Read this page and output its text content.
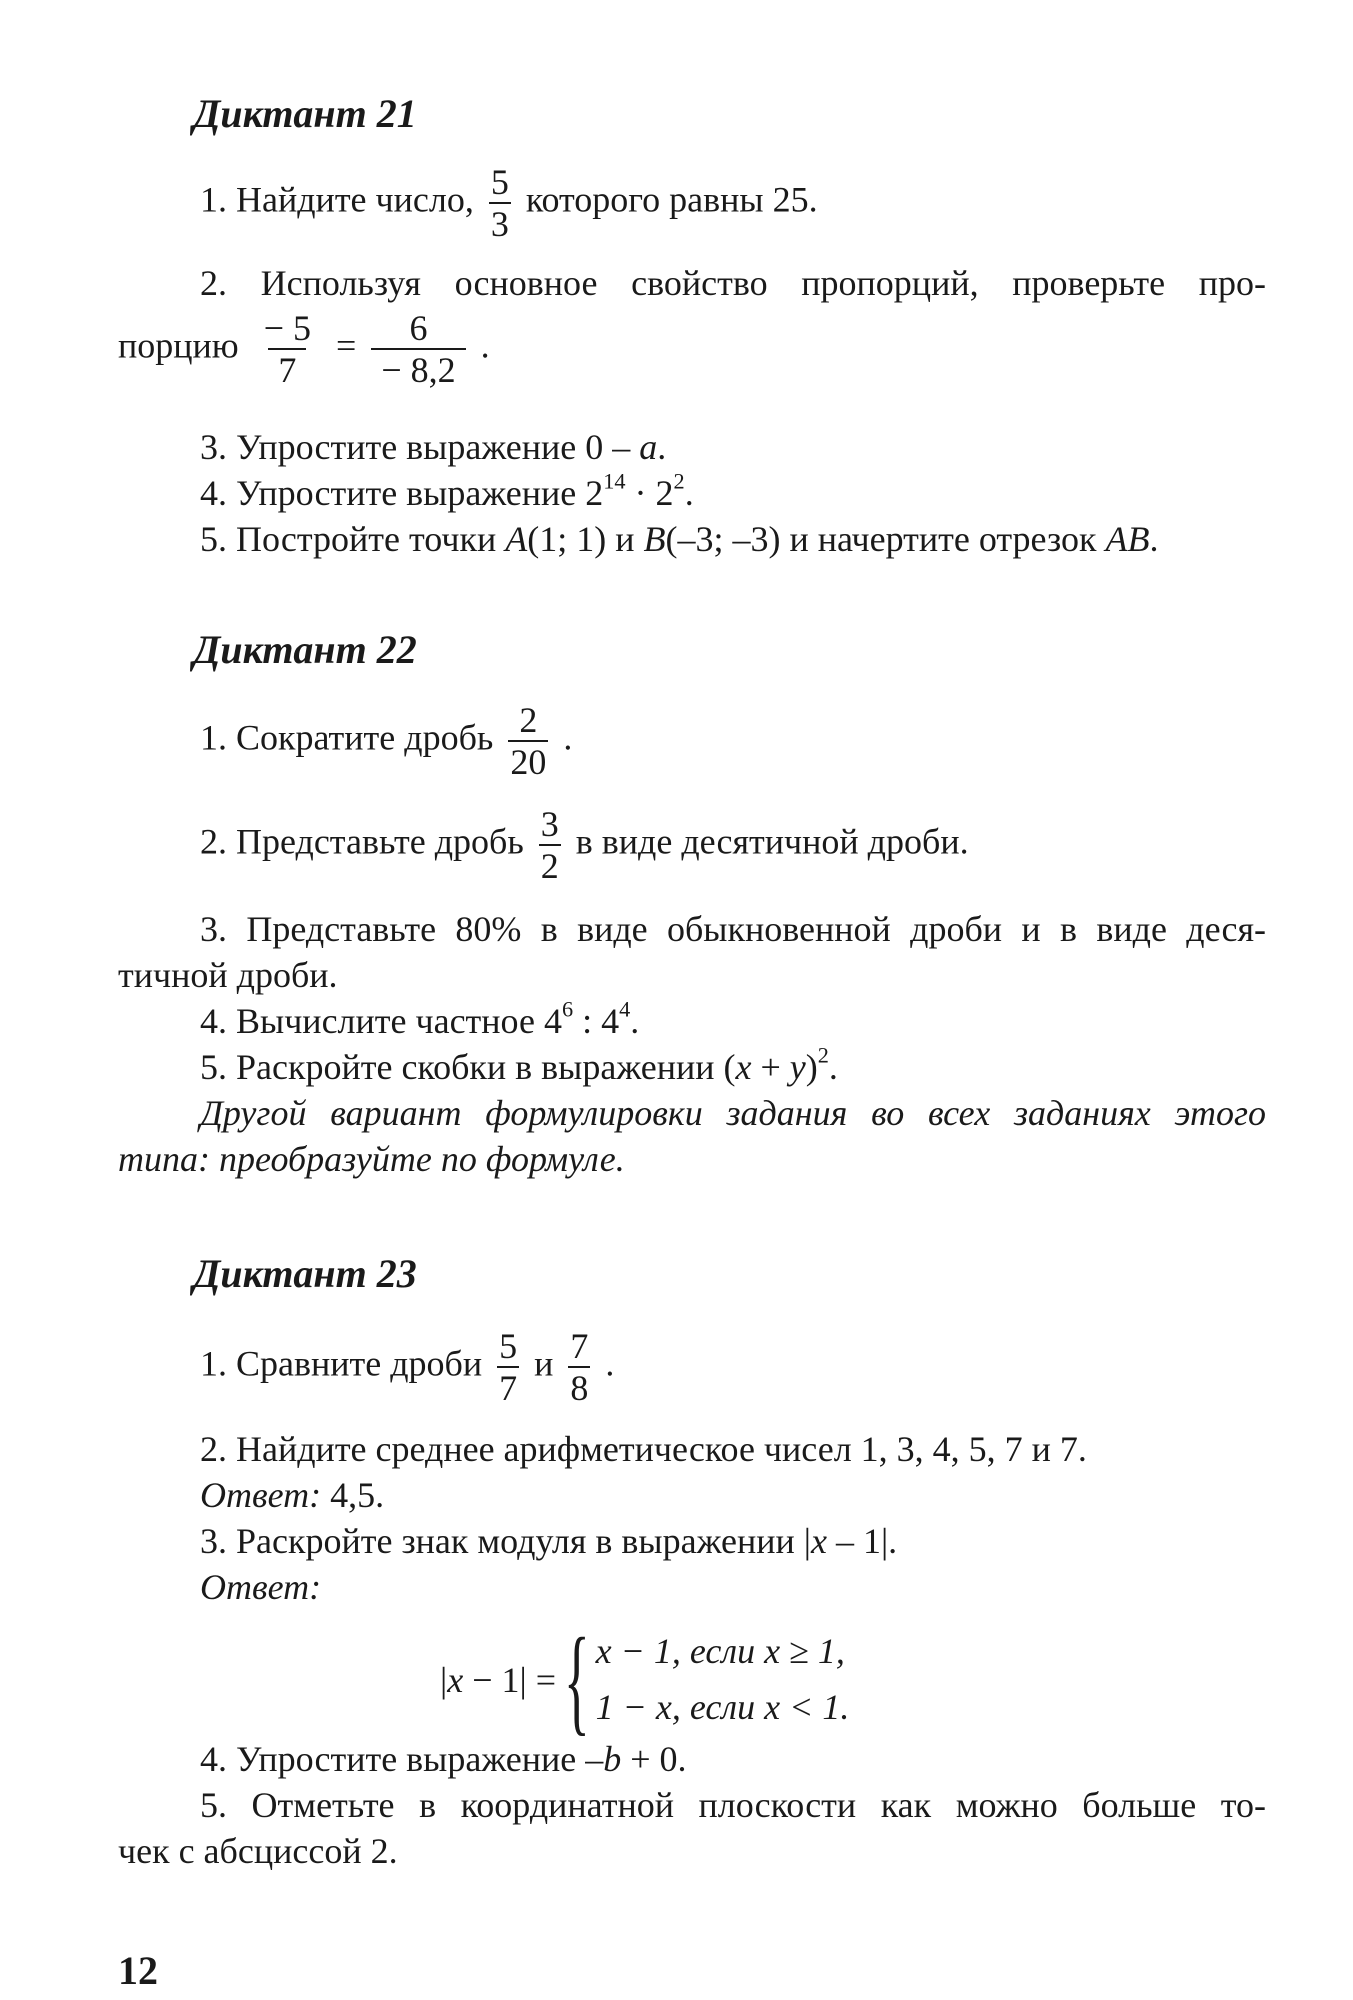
Диктант 21
1. Найдите число, $\frac{5}{3}$ которого равны 25.
2. Используя основное свойство пропорций, проверьте про-
порцию $\frac{- 5}{7} = \frac{6}{- 8,2}$ .
3. Упростите выражение 0 – a.
4. Упростите выражение $2^{14} \cdot 2^2$.
5. Постройте точки A(1; 1) и B(–3; –3) и начертите отрезок AB.
Диктант 22
1. Сократите дробь $\frac{2}{20}$ .
2. Представьте дробь $\frac{3}{2}$ в виде десятичной дроби.
3. Представьте 80% в виде обыкновенной дроби и в виде деся-
тичной дроби.
4. Вычислите частное $4^6$ : $4^4$.
5. Раскройте скобки в выражении $(x + y)^2$.
Другой вариант формулировки задания во всех заданиях этого
типа: преобразуйте по формуле.
Диктант 23
1. Сравните дроби $\frac{5}{7}$ и $\frac{7}{8}$ .
2. Найдите среднее арифметическое чисел 1, 3, 4, 5, 7 и 7.
Ответ: 4,5.
3. Раскройте знак модуля в выражении |x – 1|.
Ответ:
|x − 1| = { x − 1, если x ≥ 1,
1 − x, если x < 1.
4. Упростите выражение –b + 0.
5. Отметьте в координатной плоскости как можно больше то-
чек с абсциссой 2.
12
